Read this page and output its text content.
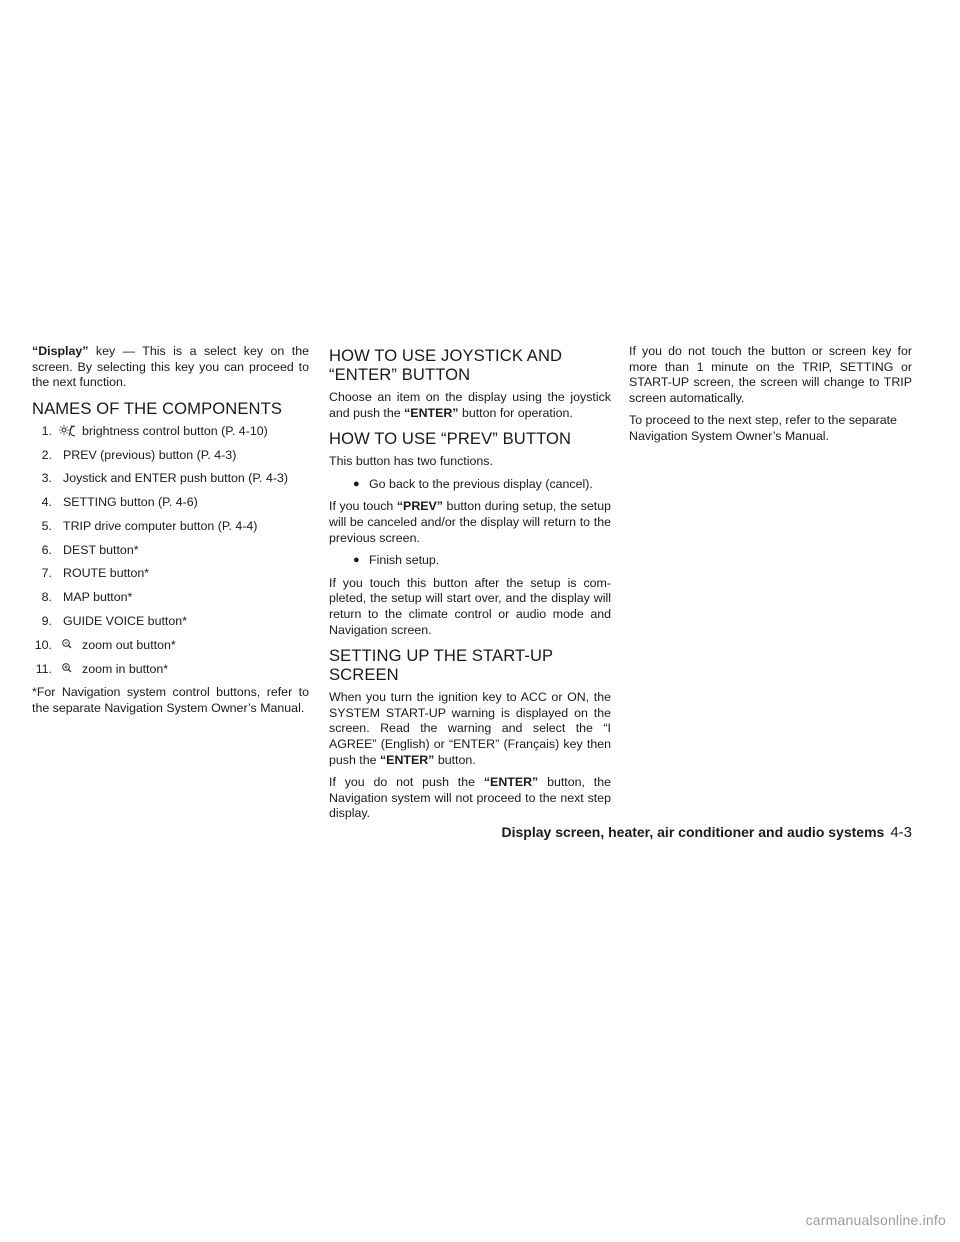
“Display” key — This is a select key on the screen. By selecting this key you can proceed to the next function.

NAMES OF THE COMPONENTS
1. brightness control button (P. 4-10)
2. PREV (previous) button (P. 4-3)
3. Joystick and ENTER push button (P. 4-3)
4. SETTING button (P. 4-6)
5. TRIP drive computer button (P. 4-4)
6. DEST button*
7. ROUTE button*
8. MAP button*
9. GUIDE VOICE button*
10. zoom out button*
11. zoom in button*

*For Navigation system control buttons, refer to the separate Navigation System Owner’s Manual.

HOW TO USE JOYSTICK AND “ENTER” BUTTON

Choose an item on the display using the joystick and push the “ENTER” button for operation.

HOW TO USE “PREV” BUTTON

This button has two functions.

● Go back to the previous display (cancel).

If you touch “PREV” button during setup, the setup will be canceled and/or the display will return to the previous screen.

● Finish setup.

If you touch this button after the setup is com-pleted, the setup will start over, and the display will return to the climate control or audio mode and Navigation screen.

SETTING UP THE START-UP SCREEN

When you turn the ignition key to ACC or ON, the SYSTEM START-UP warning is displayed on the screen. Read the warning and select the “I AGREE” (English) or “ENTER” (Français) key then push the “ENTER” button.

If you do not push the “ENTER” button, the Navigation system will not proceed to the next step display.

If you do not touch the button or screen key for more than 1 minute on the TRIP, SETTING or START-UP screen, the screen will change to TRIP screen automatically.

To proceed to the next step, refer to the separate Navigation System Owner’s Manual.

Display screen, heater, air conditioner and audio systems 4-3
carmanualsonline.info
